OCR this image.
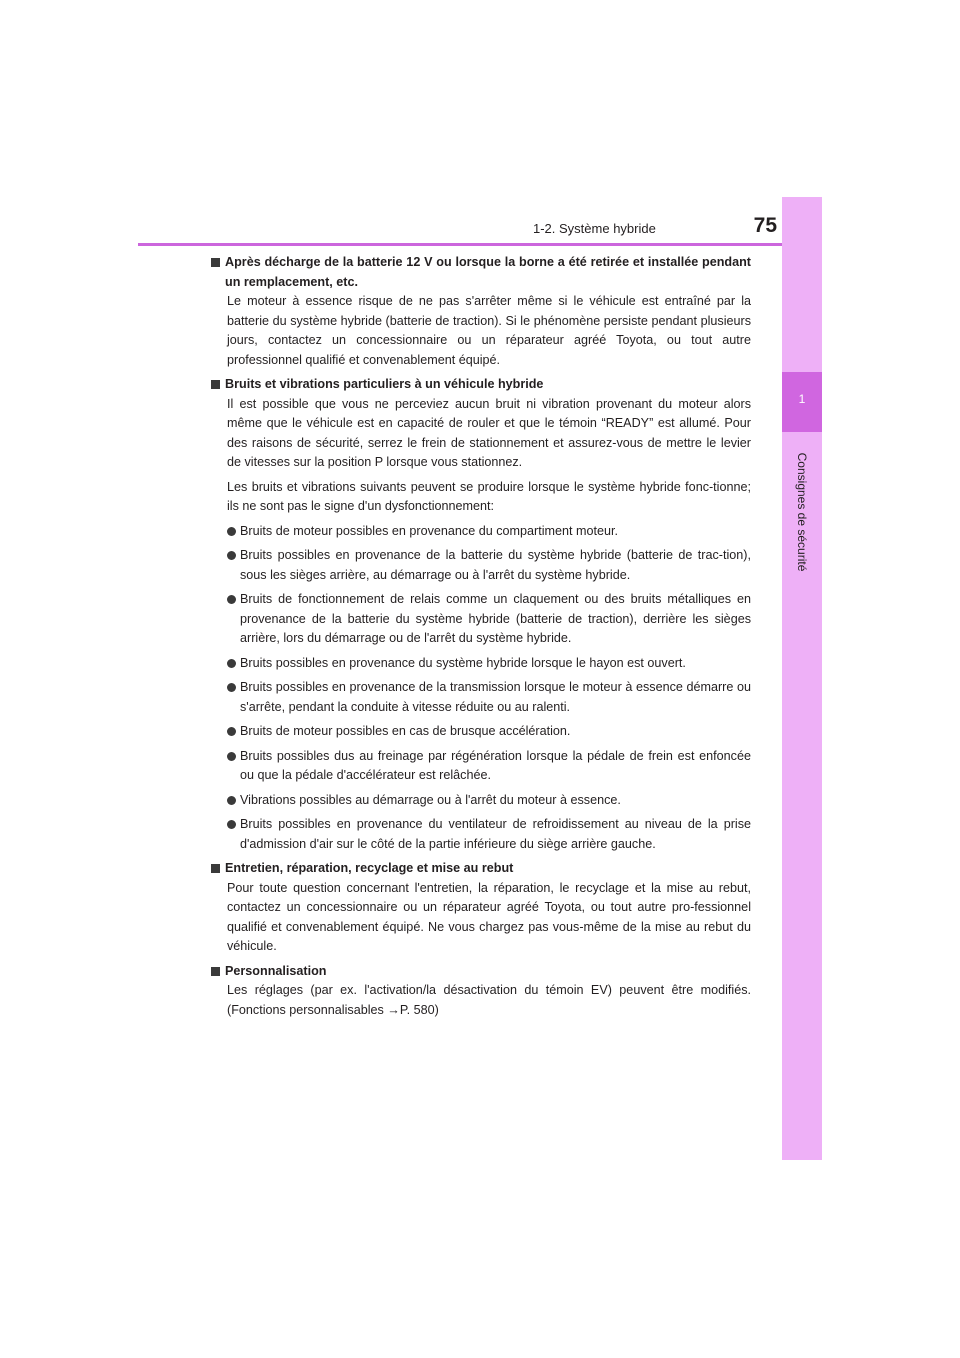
1-2. Système hybride	75
1
Consignes de sécurité
Après décharge de la batterie 12 V ou lorsque la borne a été retirée et installée pendant un remplacement, etc.
Le moteur à essence risque de ne pas s'arrêter même si le véhicule est entraîné par la batterie du système hybride (batterie de traction). Si le phénomène persiste pendant plusieurs jours, contactez un concessionnaire ou un réparateur agréé Toyota, ou tout autre professionnel qualifié et convenablement équipé.
Bruits et vibrations particuliers à un véhicule hybride
Il est possible que vous ne perceviez aucun bruit ni vibration provenant du moteur alors même que le véhicule est en capacité de rouler et que le témoin “READY” est allumé. Pour des raisons de sécurité, serrez le frein de stationnement et assurez-vous de mettre le levier de vitesses sur la position P lorsque vous stationnez.
Les bruits et vibrations suivants peuvent se produire lorsque le système hybride fonc-tionne; ils ne sont pas le signe d'un dysfonctionnement:
Bruits de moteur possibles en provenance du compartiment moteur.
Bruits possibles en provenance de la batterie du système hybride (batterie de trac-tion), sous les sièges arrière, au démarrage ou à l'arrêt du système hybride.
Bruits de fonctionnement de relais comme un claquement ou des bruits métalliques en provenance de la batterie du système hybride (batterie de traction), derrière les sièges arrière, lors du démarrage ou de l'arrêt du système hybride.
Bruits possibles en provenance du système hybride lorsque le hayon est ouvert.
Bruits possibles en provenance de la transmission lorsque le moteur à essence démarre ou s'arrête, pendant la conduite à vitesse réduite ou au ralenti.
Bruits de moteur possibles en cas de brusque accélération.
Bruits possibles dus au freinage par régénération lorsque la pédale de frein est enfoncée ou que la pédale d'accélérateur est relâchée.
Vibrations possibles au démarrage ou à l'arrêt du moteur à essence.
Bruits possibles en provenance du ventilateur de refroidissement au niveau de la prise d'admission d'air sur le côté de la partie inférieure du siège arrière gauche.
Entretien, réparation, recyclage et mise au rebut
Pour toute question concernant l'entretien, la réparation, le recyclage et la mise au rebut, contactez un concessionnaire ou un réparateur agréé Toyota, ou tout autre pro-fessionnel qualifié et convenablement équipé. Ne vous chargez pas vous-même de la mise au rebut du véhicule.
Personnalisation
Les réglages (par ex. l'activation/la désactivation du témoin EV) peuvent être modifiés. (Fonctions personnalisables →P. 580)
